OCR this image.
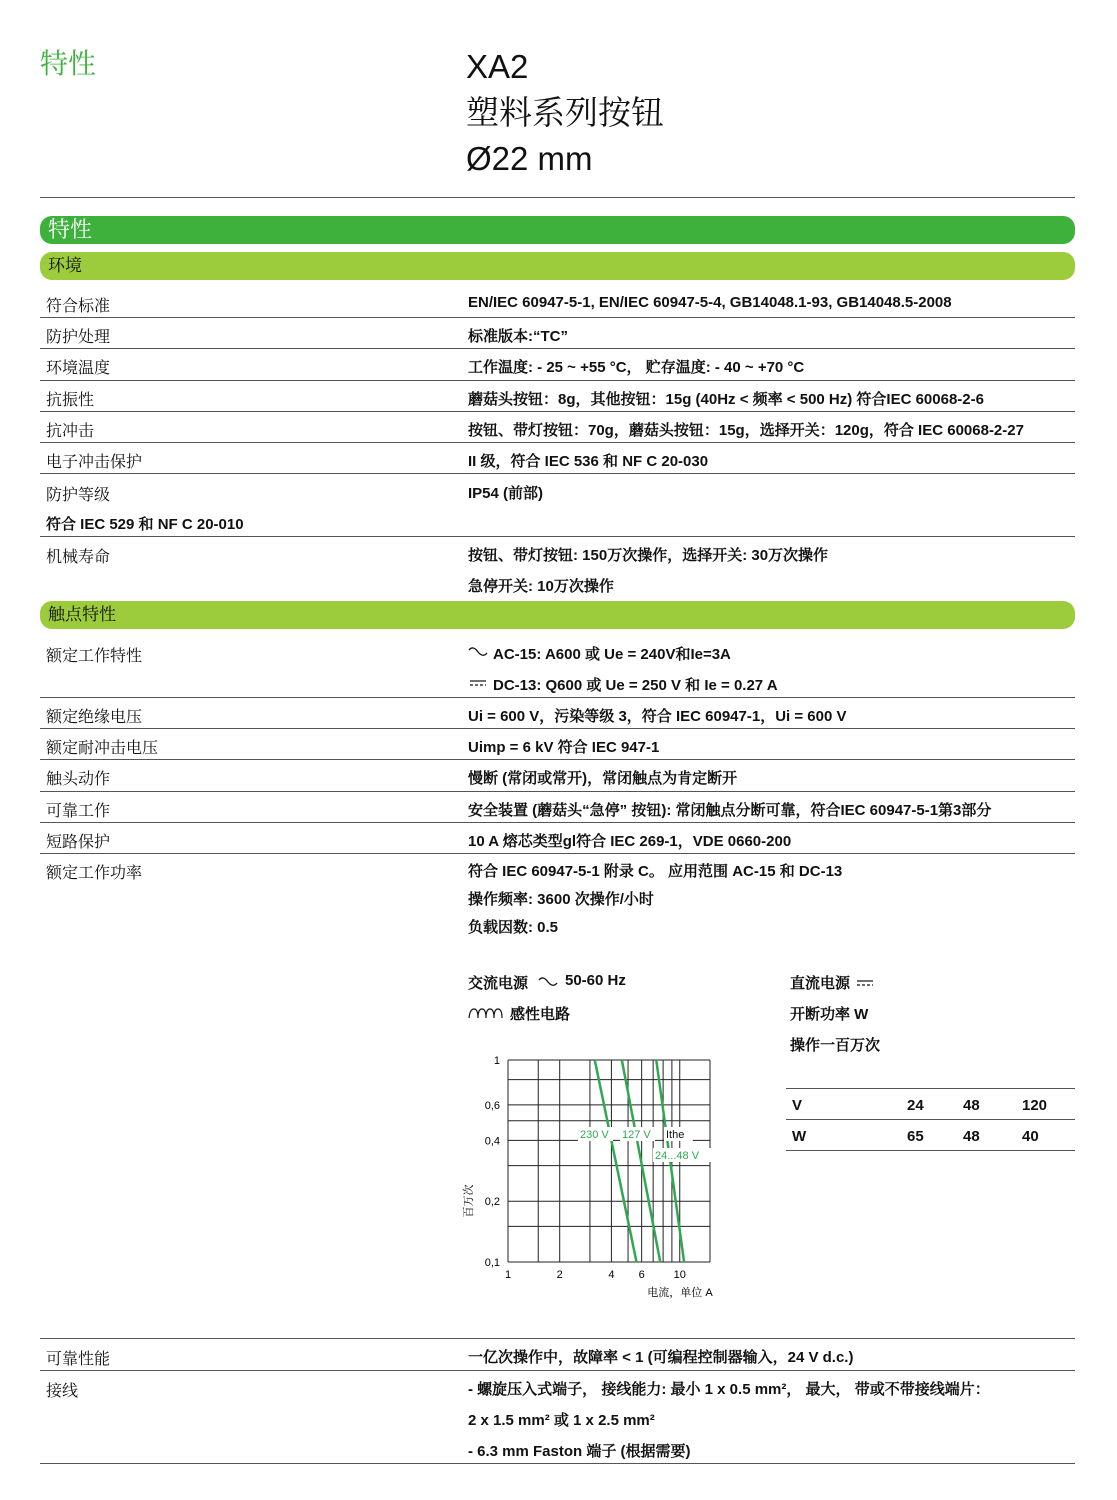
特性	XA2
塑料系列按钮
Ø22 mm
特性
环境
符合标准	EN/IEC 60947-5-1, EN/IEC 60947-5-4, GB14048.1-93, GB14048.5-2008
防护处理	标准版本:“TC”
环境温度	工作温度: - 25 ~ +55 °C， 贮存温度: - 40 ~ +70 °C
抗振性	蘑菇头按钮：8g，其他按钮：15g (40Hz < 频率 < 500 Hz) 符合IEC 60068-2-6
抗冲击	按钮、带灯按钮：70g，蘑菇头按钮：15g，选择开关：120g，符合 IEC 60068-2-27
电子冲击保护	II 级，符合 IEC 536 和 NF C 20-030
防护等级	IP54 (前部)
符合 IEC 529 和 NF C 20-010
机械寿命	按钮、带灯按钮: 150万次操作，选择开关: 30万次操作
急停开关: 10万次操作
触点特性
额定工作特性	AC-15: A600 或 Ue = 240V和Ie=3A
DC-13: Q600 或 Ue = 250 V 和 Ie = 0.27 A
额定绝缘电压	Ui = 600 V，污染等级 3，符合 IEC 60947-1，Ui = 600 V
额定耐冲击电压	Uimp = 6 kV 符合 IEC 947-1
触头动作	慢断 (常闭或常开)，常闭触点为肯定断开
可靠工作	安全装置 (蘑菇头“急停” 按钮): 常闭触点分断可靠，符合IEC 60947-5-1第3部分
短路保护	10 A 熔芯类型gl符合 IEC 269-1，VDE 0660-200
额定工作功率	符合 IEC 60947-5-1 附录 C。 应用范围 AC-15 和 DC-13
操作频率: 3600 次操作/小时
负载因数: 0.5
交流电源 50-60 Hz
感性电路
直流电源
开断功率 W
操作一百万次
V	24	48	120
W	65	48	40
1	2	4 6	10
0,1
0,2
0,4
0,6
1
230 V 127 V Ithe
24...48 V
电流，单位 A
百万次
可靠性能	一亿次操作中，故障率 < 1 (可编程控制器输入，24 V d.c.)
接线	- 螺旋压入式端子， 接线能力: 最小 1 x 0.5 mm²， 最大， 带或不带接线端片：
2 x 1.5 mm² 或 1 x 2.5 mm²
- 6.3 mm Faston 端子 (根据需要)
